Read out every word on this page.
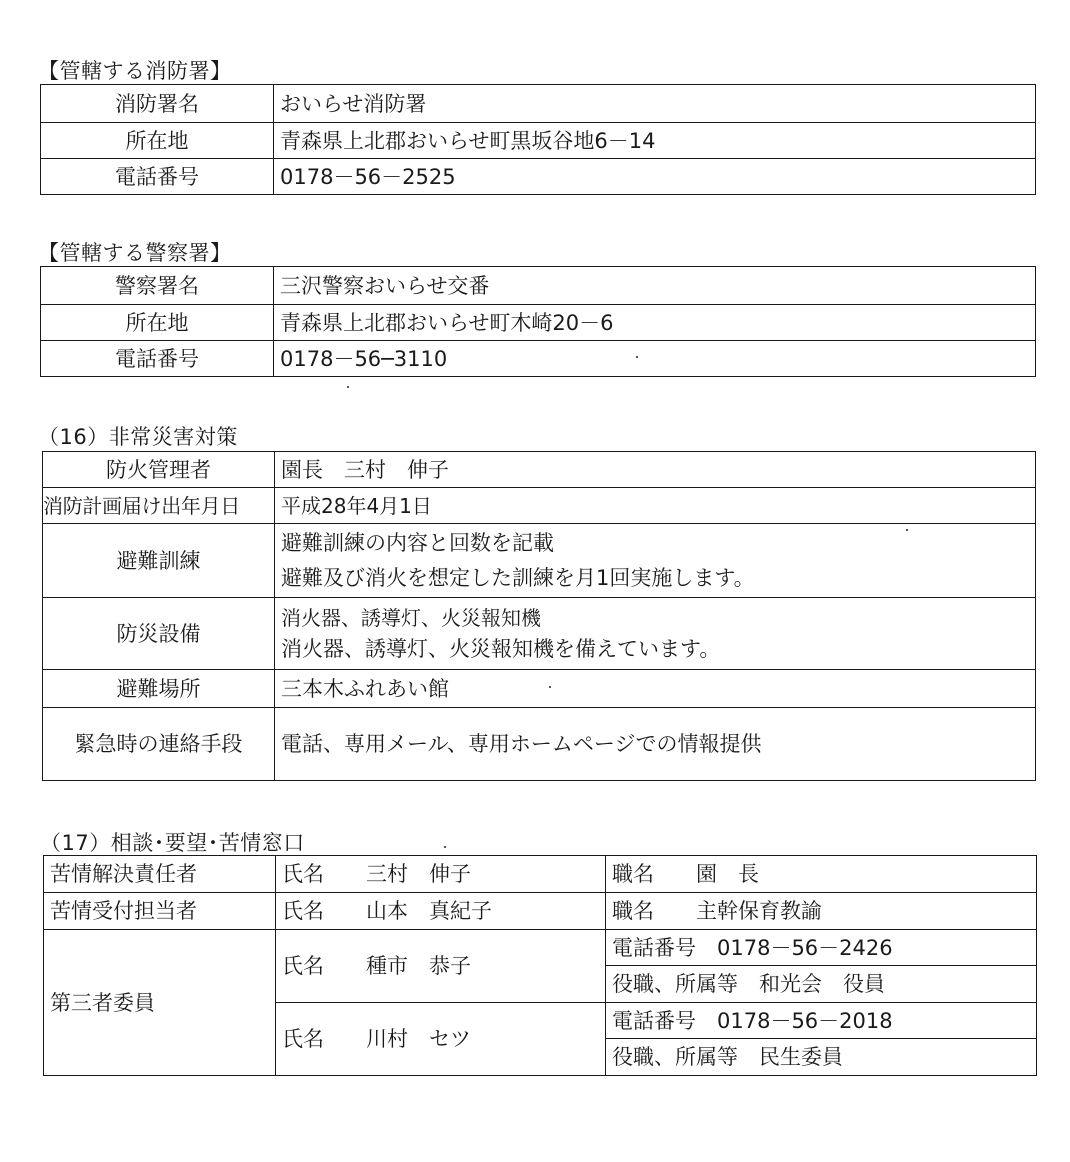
【管轄する消防署】
消防署名	おいらせ消防署
所在地	青森県上北郡おいらせ町黒坂谷地6－14
電話番号	0178－56－2525
【管轄する警察署】
警察署名	三沢警察おいらせ交番
所在地	青森県上北郡おいらせ町木崎20－6
電話番号	0178－56─3110
（16）非常災害対策
防火管理者	園長　三村　伸子
消防計画届け出年月日	平成28年4月1日
避難訓練	避難訓練の内容と回数を記載
避難及び消火を想定した訓練を月1回実施します。

防災設備	消火器、誘導灯、火災報知機
消火器、誘導灯、火災報知機を備えています。

避難場所	三本木ふれあい館
緊急時の連絡手段	電話、専用メール、専用ホームページでの情報提供
（17）相談･要望･苦情窓口
苦情解決責任者	氏名　　三村　伸子	職名　　園　長
苦情受付担当者	氏名　　山本　真紀子	職名　　主幹保育教諭
第三者委員	氏名　　種市　恭子	電話番号　0178－56－2426
		役職、所属等　和光会　役員
	氏名　　川村　セツ	電話番号　0178－56－2018
		役職、所属等　民生委員
